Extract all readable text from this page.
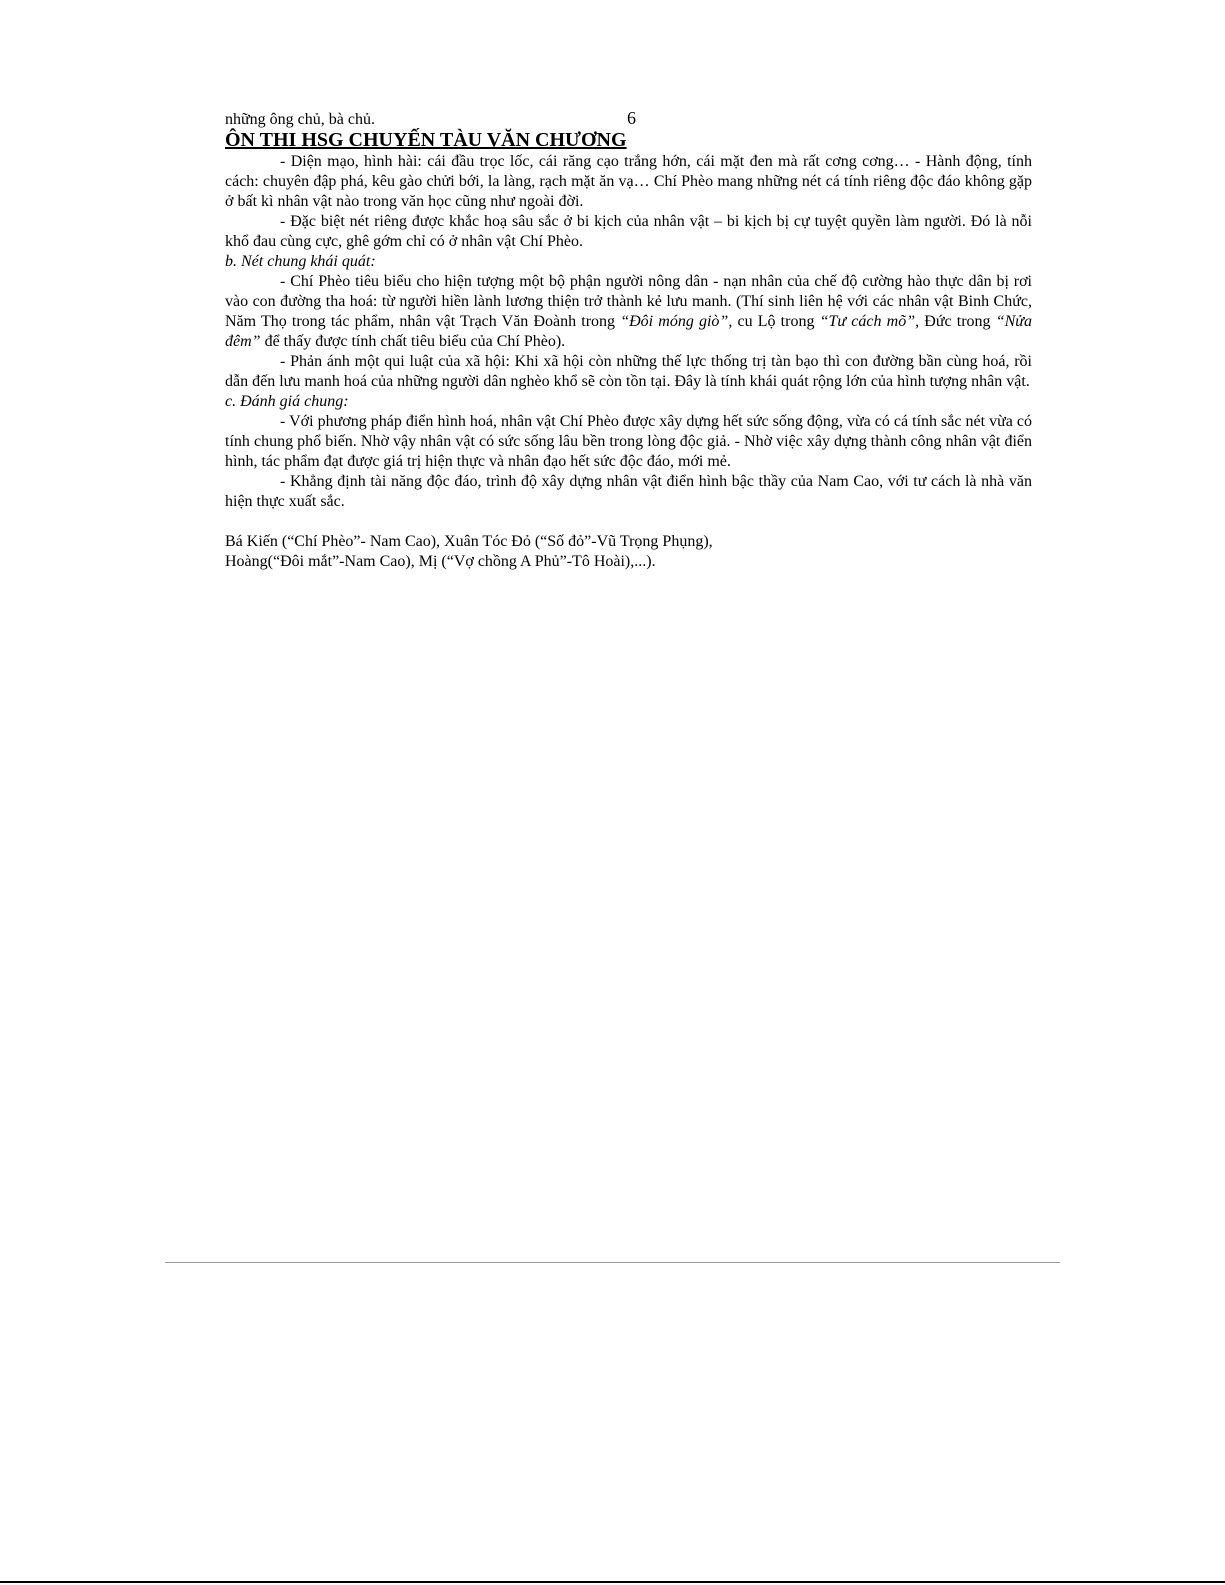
những ông chủ, bà chủ.	6
ÔN THI HSG CHUYẾN TÀU VĂN CHƯƠNG

- Diện mạo, hình hài: cái đầu trọc lốc, cái răng cạo trắng hớn, cái mặt đen mà rất cơng cơng… - Hành động, tính cách: chuyên đập phá, kêu gào chửi bới, la làng, rạch mặt ăn vạ… Chí Phèo mang những nét cá tính riêng độc đáo không gặp ở bất kì nhân vật nào trong văn học cũng như ngoài đời.

- Đặc biệt nét riêng được khắc hoạ sâu sắc ở bi kịch của nhân vật – bi kịch bị cự tuyệt quyền làm người. Đó là nỗi khổ đau cùng cực, ghê gớm chỉ có ở nhân vật Chí Phèo.

b. Nét chung khái quát:

- Chí Phèo tiêu biểu cho hiện tượng một bộ phận người nông dân - nạn nhân của chế độ cường hào thực dân bị rơi vào con đường tha hoá: từ người hiền lành lương thiện trở thành kẻ lưu manh. (Thí sinh liên hệ với các nhân vật Binh Chức, Năm Thọ trong tác phẩm, nhân vật Trạch Văn Đoành trong “Đôi móng giò”, cu Lộ trong “Tư cách mõ”, Đức trong “Nửa đêm” để thấy được tính chất tiêu biểu của Chí Phèo).

- Phản ánh một qui luật của xã hội: Khi xã hội còn những thế lực thống trị tàn bạo thì con đường bần cùng hoá, rồi dẫn đến lưu manh hoá của những người dân nghèo khổ sẽ còn tồn tại. Đây là tính khái quát rộng lớn của hình tượng nhân vật.

c. Đánh giá chung:

- Với phương pháp điển hình hoá, nhân vật Chí Phèo được xây dựng hết sức sống động, vừa có cá tính sắc nét vừa có tính chung phổ biến. Nhờ vậy nhân vật có sức sống lâu bền trong lòng độc giả. - Nhờ việc xây dựng thành công nhân vật điển hình, tác phẩm đạt được giá trị hiện thực và nhân đạo hết sức độc đáo, mới mẻ.

- Khẳng định tài năng độc đáo, trình độ xây dựng nhân vật điển hình bậc thầy của Nam Cao, với tư cách là nhà văn hiện thực xuất sắc.

Bá Kiến (“Chí Phèo”- Nam Cao), Xuân Tóc Đỏ (“Số đỏ”-Vũ Trọng Phụng),

Hoàng(“Đôi mắt”-Nam Cao), Mị (“Vợ chồng A Phủ”-Tô Hoài),...).
